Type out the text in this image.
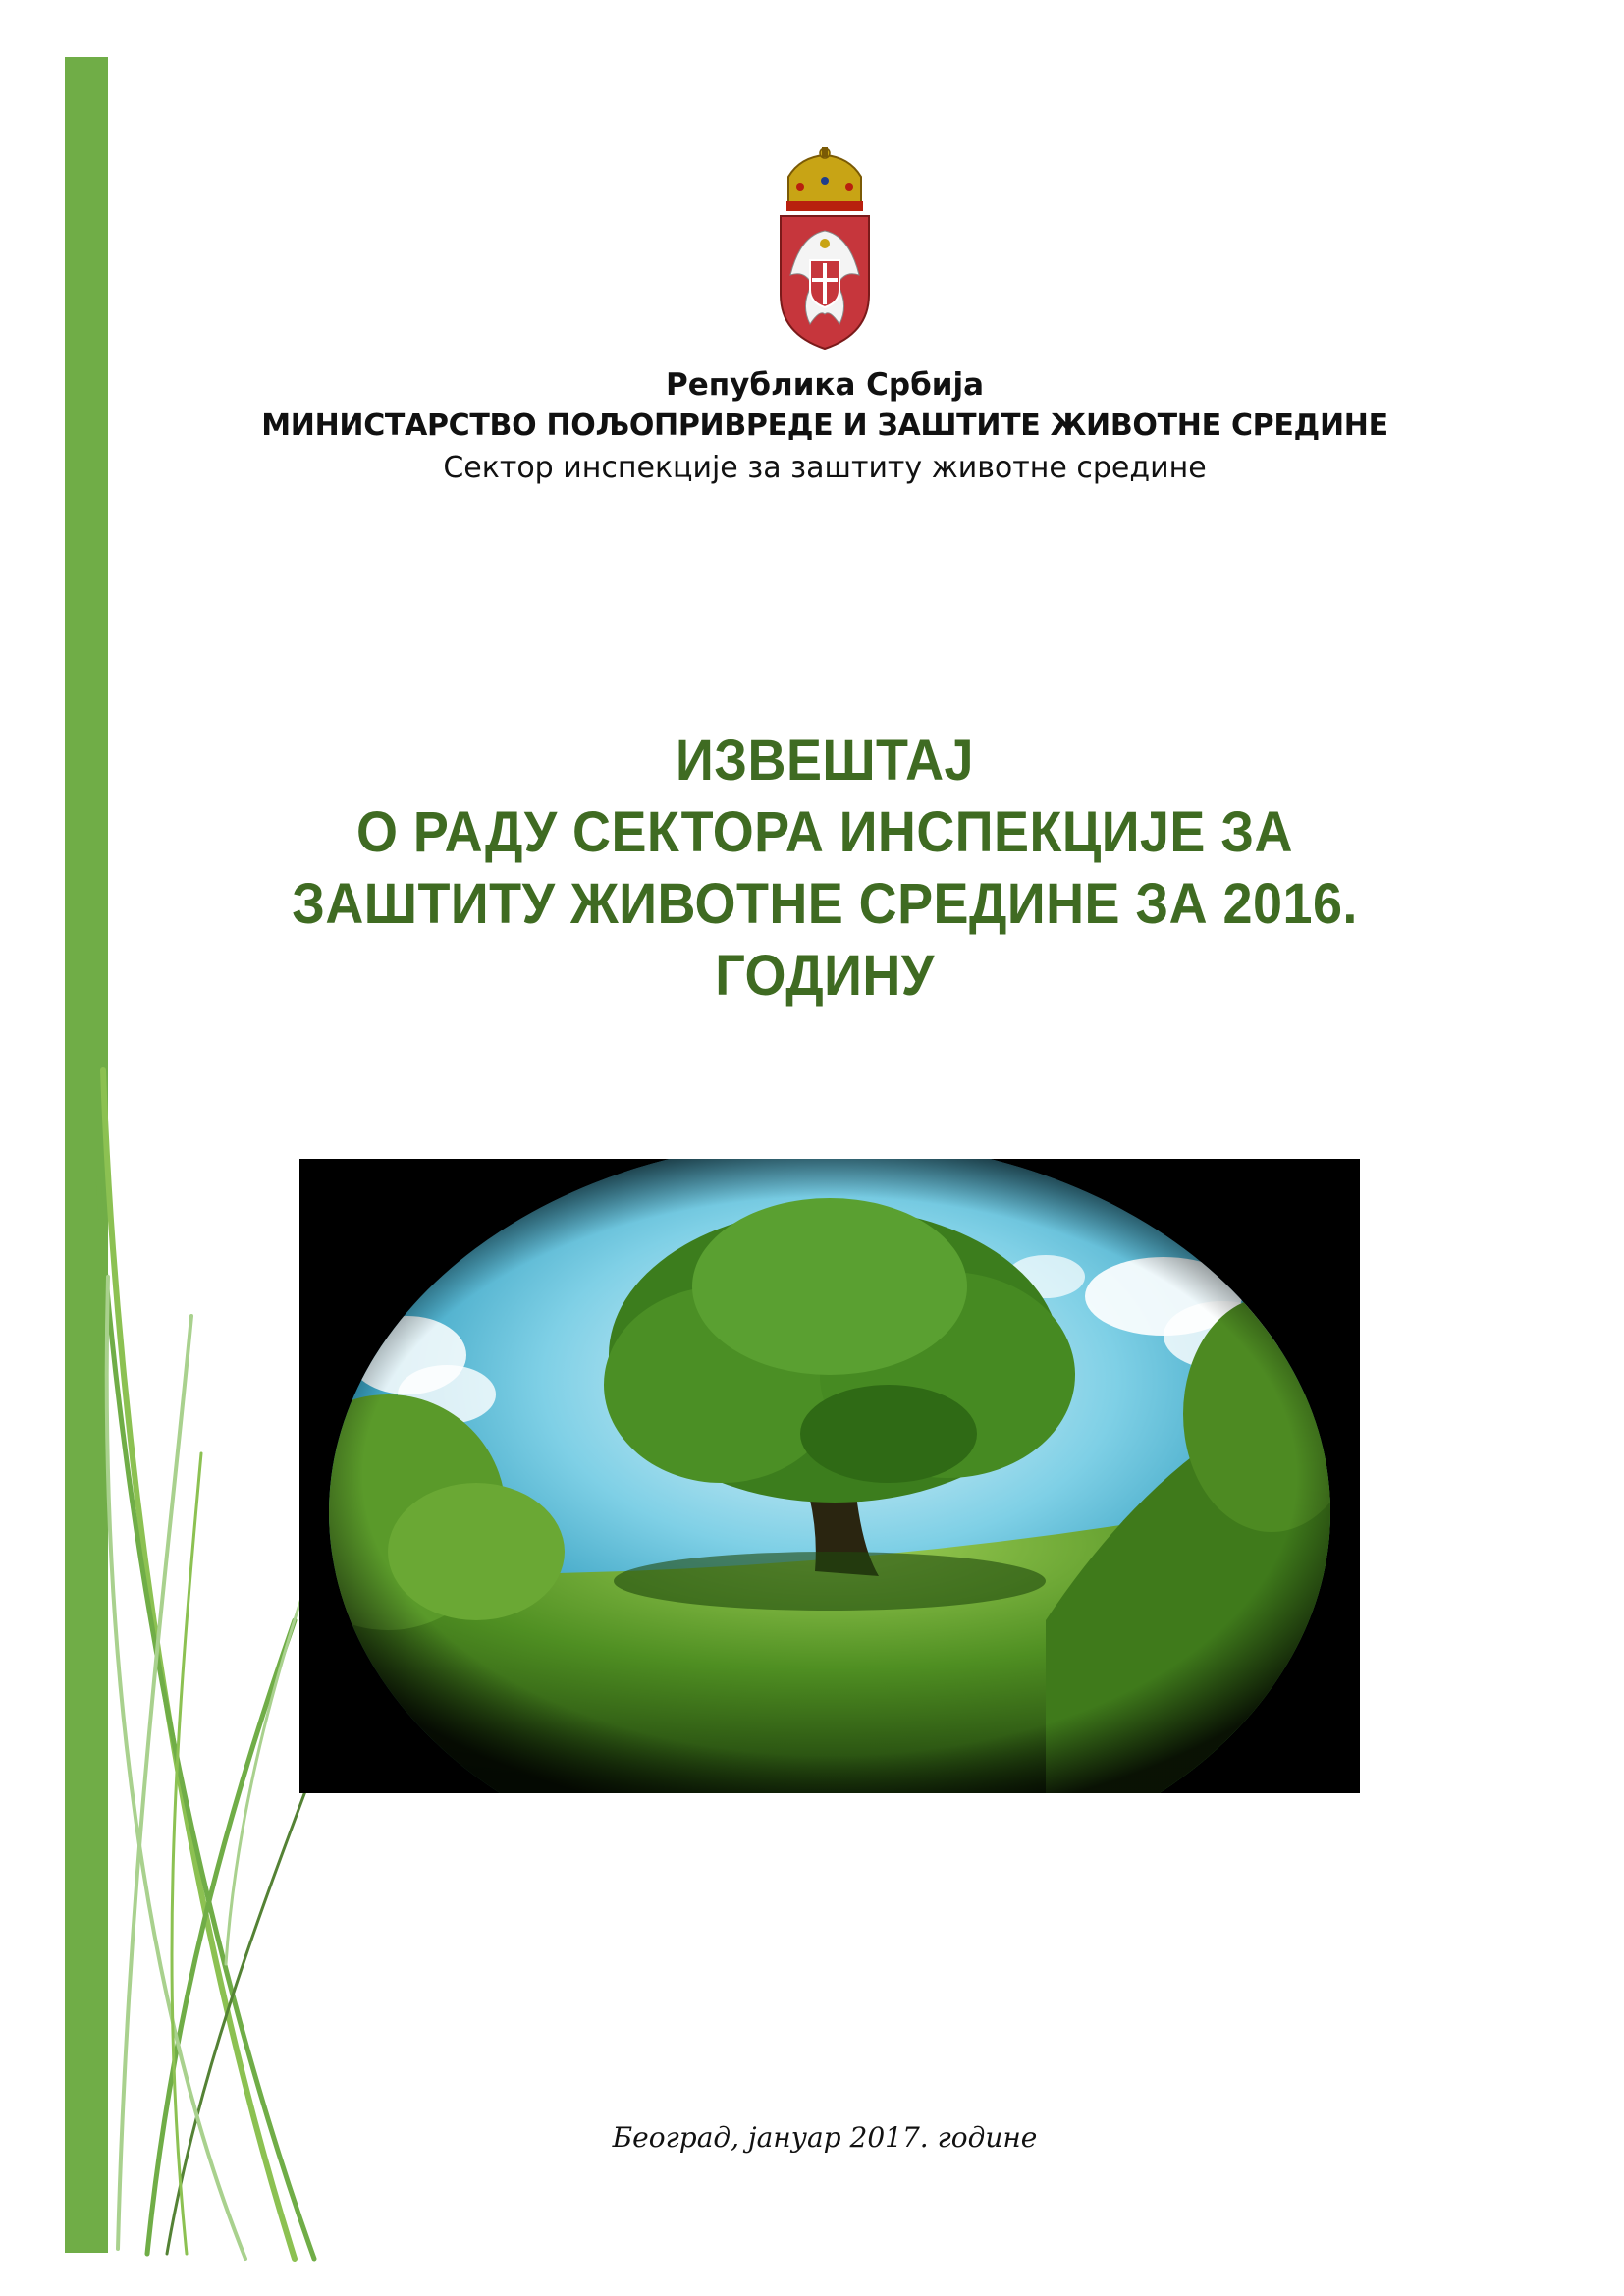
Република Србија
МИНИСТАРСТВО ПОЉОПРИВРЕДЕ И ЗАШТИТЕ ЖИВОТНЕ СРЕДИНЕ
Сектор инспекције за заштиту животне средине
ИЗВЕШТАЈ
О РАДУ СЕКТОРА ИНСПЕКЦИЈЕ ЗА
ЗАШТИТУ ЖИВОТНЕ СРЕДИНЕ ЗА 2016.
ГОДИНУ
Београд, јануар 2017. године
